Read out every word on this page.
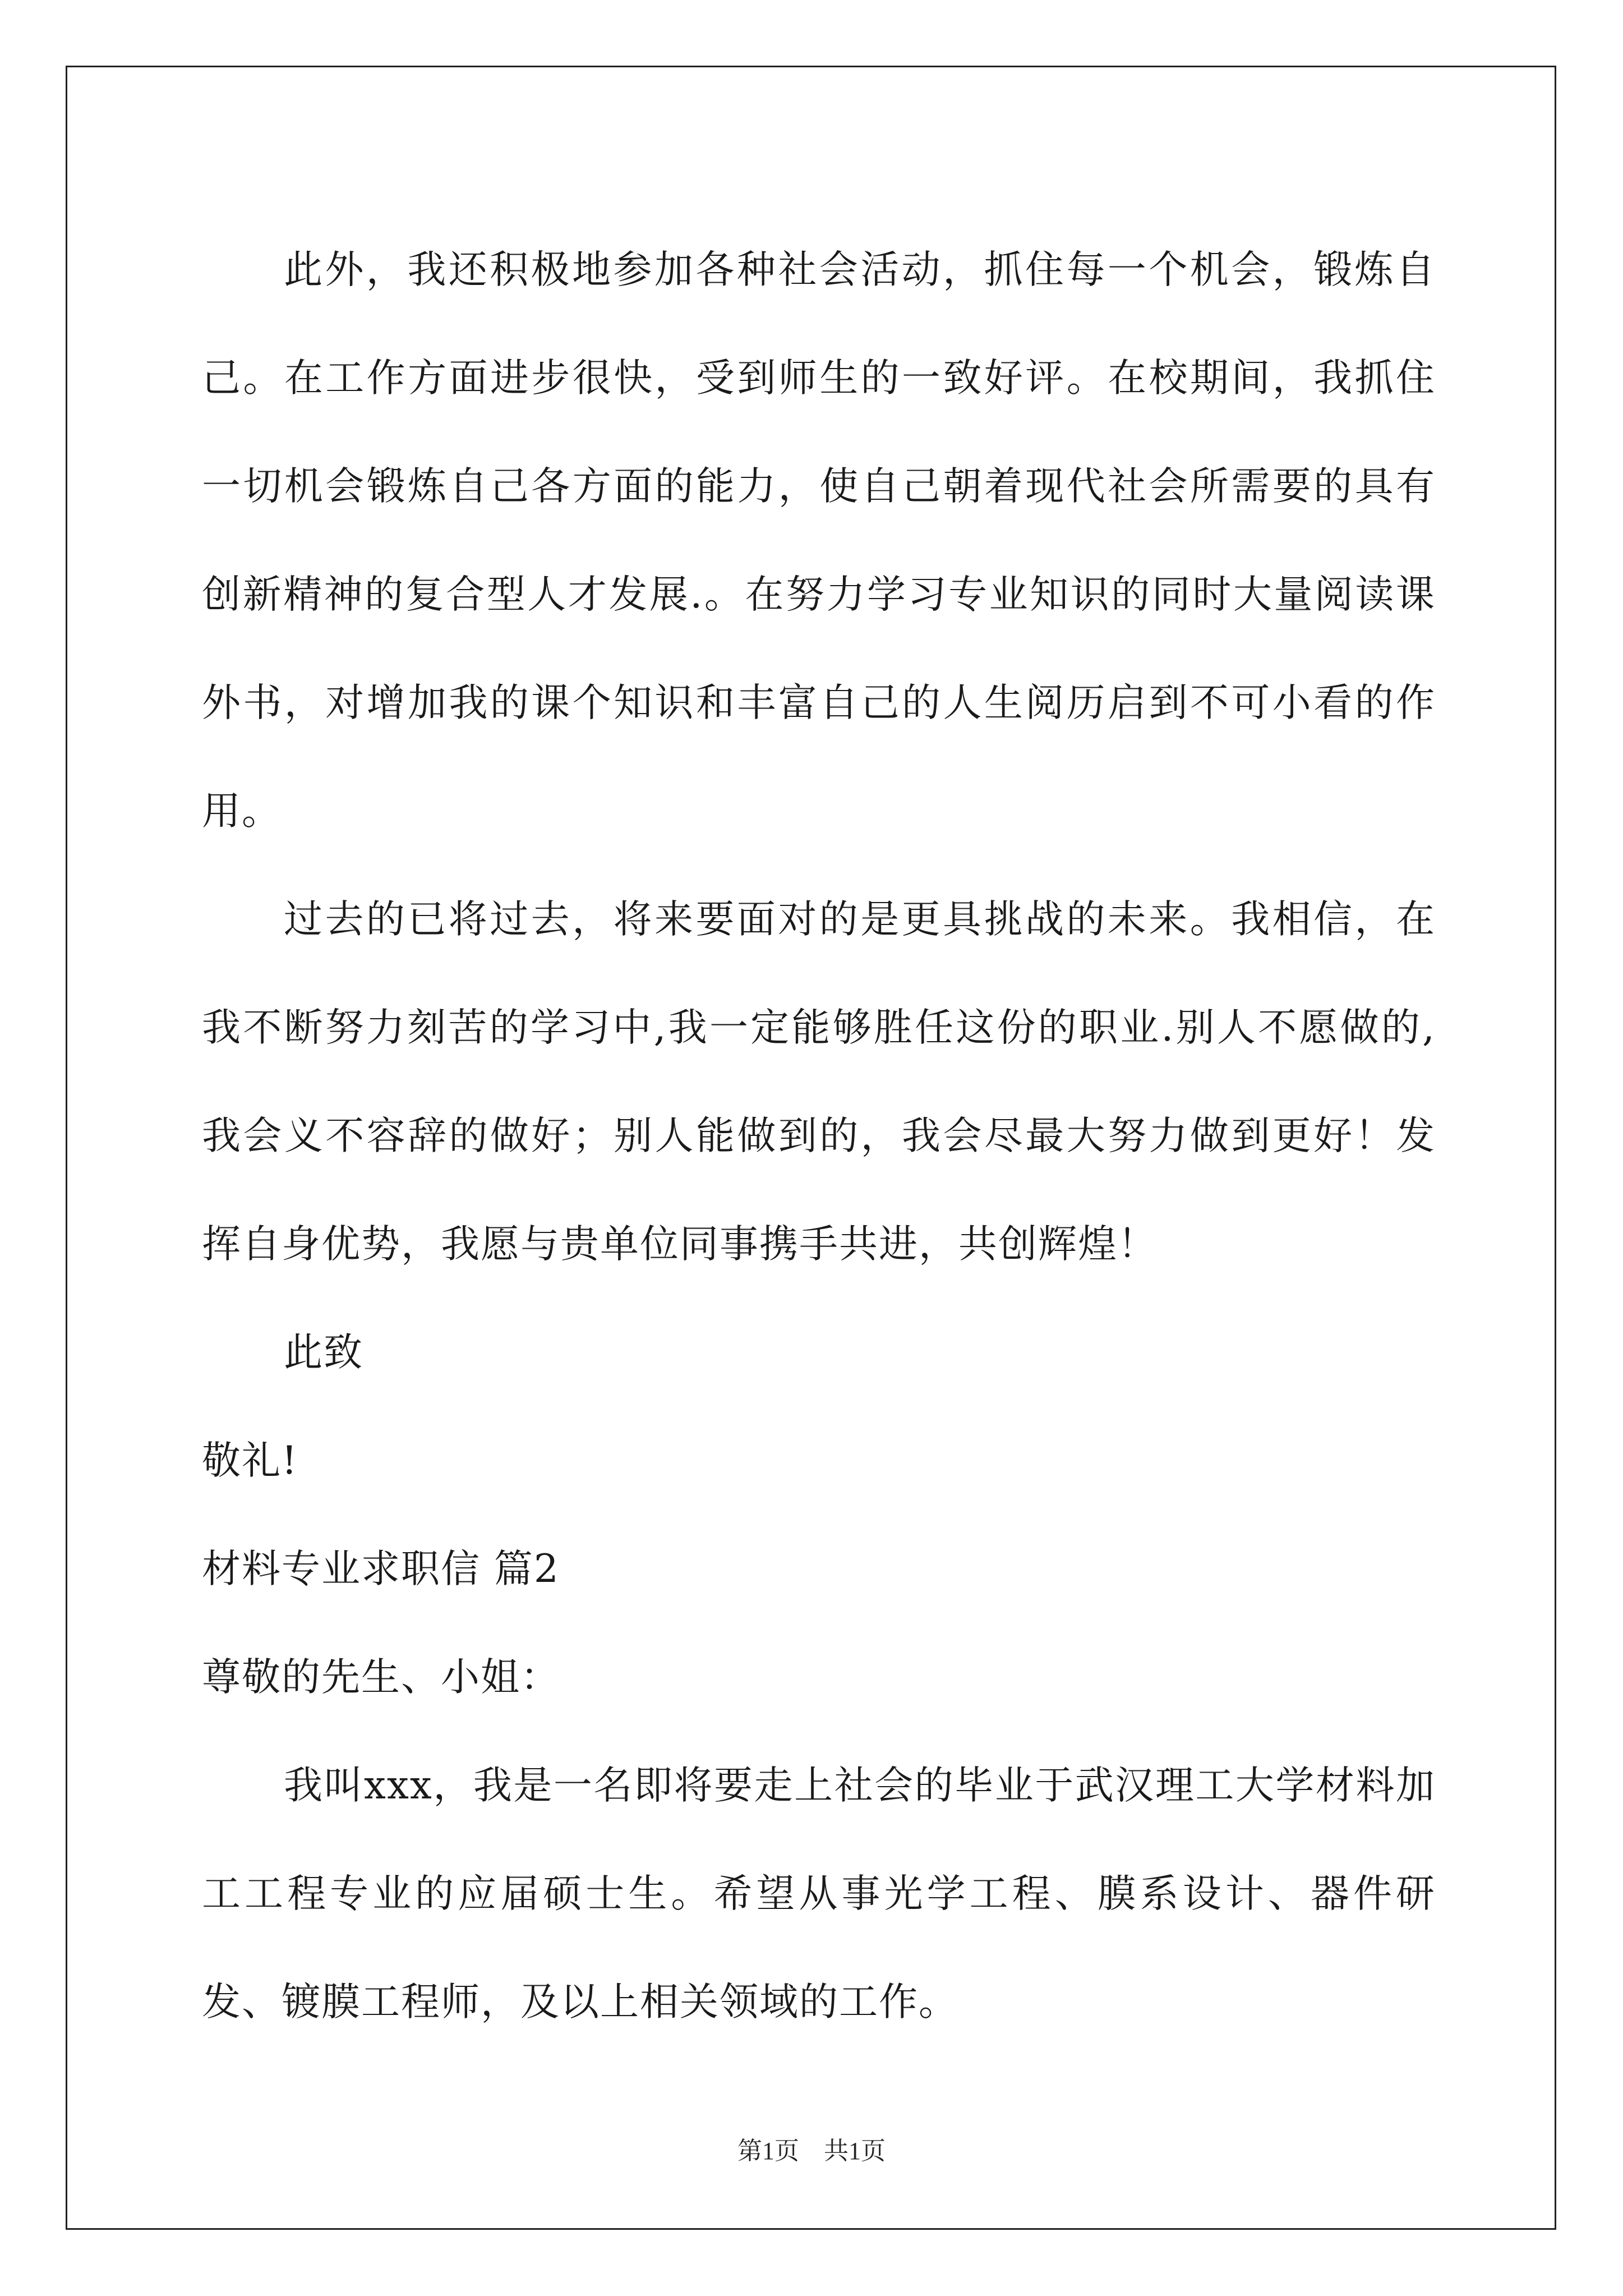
此外，我还积极地参加各种社会活动，抓住每一个机会，锻炼自己。在工作方面进步很快，受到师生的一致好评。在校期间，我抓住一切机会锻炼自己各方面的能力，使自己朝着现代社会所需要的具有创新精神的复合型人才发展.。在努力学习专业知识的同时大量阅读课外书，对增加我的课个知识和丰富自己的人生阅历启到不可小看的作用。

过去的已将过去，将来要面对的是更具挑战的未来。我相信，在我不断努力刻苦的学习中,我一定能够胜任这份的职业.别人不愿做的,我会义不容辞的做好；别人能做到的，我会尽最大努力做到更好！发挥自身优势，我愿与贵单位同事携手共进，共创辉煌！

此致

敬礼!

材料专业求职信 篇2

尊敬的先生、小姐：

我叫xxx，我是一名即将要走上社会的毕业于武汉理工大学材料加工工程专业的应届硕士生。希望从事光学工程、膜系设计、器件研发、镀膜工程师，及以上相关领域的工作。

第1页　共1页
